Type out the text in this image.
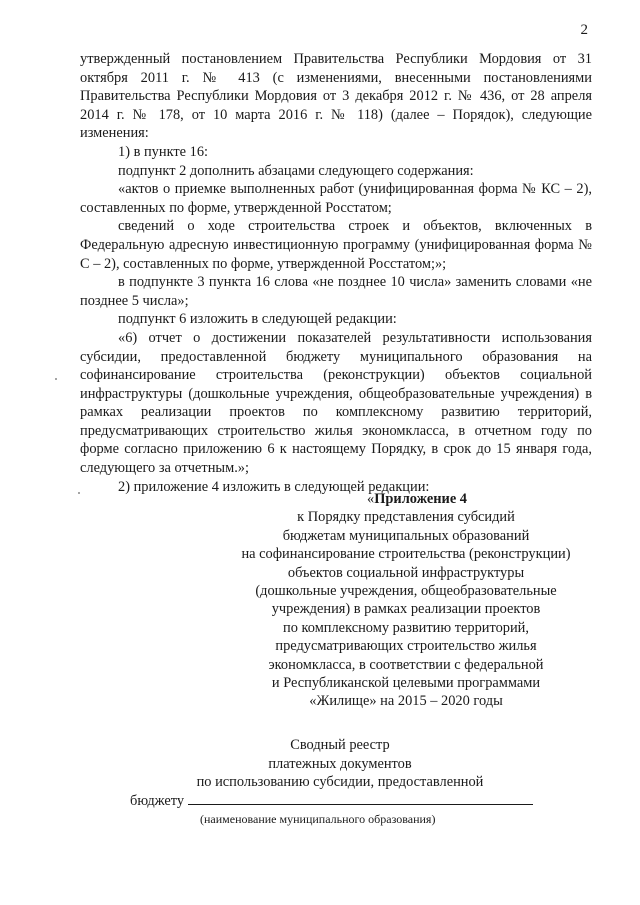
2

утвержденный постановлением Правительства Республики Мордовия от 31 октября 2011 г. № 413 (с изменениями, внесенными постановлениями Правительства Республики Мордовия от 3 декабря 2012 г. № 436, от 28 апреля 2014 г. № 178, от 10 марта 2016 г. № 118) (далее – Порядок), следующие изменения:

1) в пункте 16:

подпункт 2 дополнить абзацами следующего содержания:

«актов о приемке выполненных работ (унифицированная форма № КС – 2), составленных по форме, утвержденной Росстатом;

сведений о ходе строительства строек и объектов, включенных в Федеральную адресную инвестиционную программу (унифицированная форма № С – 2), составленных по форме, утвержденной Росстатом;»;

в подпункте 3 пункта 16 слова «не позднее 10 числа» заменить словами «не позднее 5 числа»;

подпункт 6 изложить в следующей редакции:

«6) отчет о достижении показателей результативности использования субсидии, предоставленной бюджету муниципального образования на софинансирование строительства (реконструкции) объектов социальной инфраструктуры (дошкольные учреждения, общеобразовательные учреждения) в рамках реализации проектов по комплексному развитию территорий, предусматривающих строительство жилья экономкласса, в отчетном году по форме согласно приложению 6 к настоящему Порядку, в срок до 15 января года, следующего за отчетным.»;

2) приложение 4 изложить в следующей редакции:

«Приложение 4
к Порядку представления субсидий
бюджетам муниципальных образований
на софинансирование строительства (реконструкции)
объектов социальной инфраструктуры
(дошкольные учреждения, общеобразовательные
учреждения) в рамках реализации проектов
по комплексному развитию территорий,
предусматривающих строительство жилья
экономкласса, в соответствии с федеральной
и Республиканской целевыми программами
«Жилище» на 2015 – 2020 годы
Сводный реестр
платежных документов
по использованию субсидии, предоставленной
бюджету
(наименование муниципального образования)
